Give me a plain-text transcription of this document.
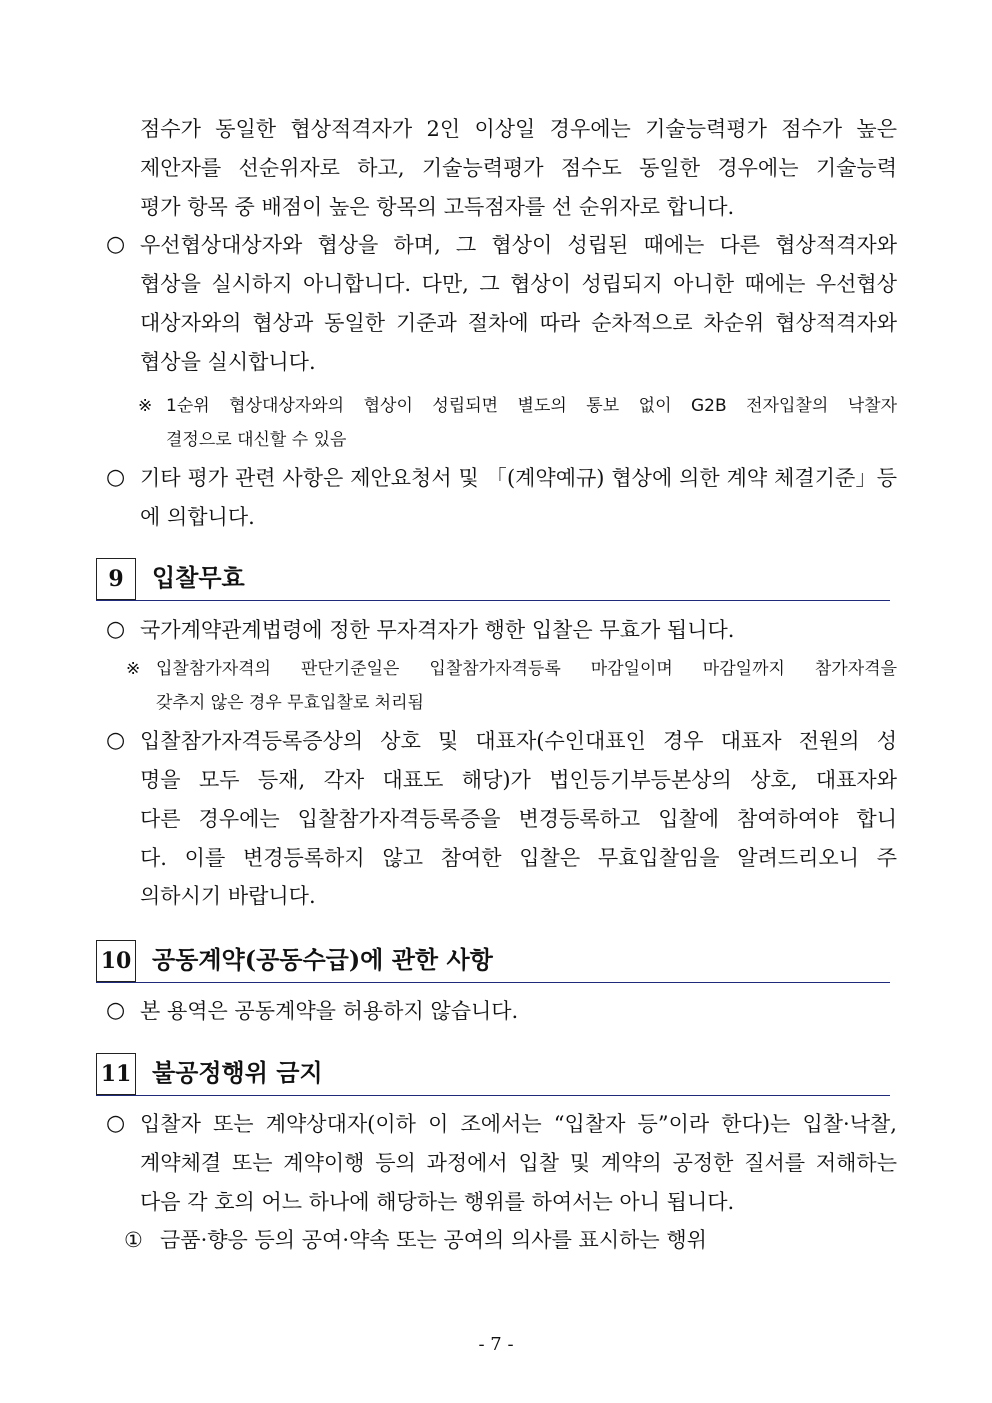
점수가 동일한 협상적격자가 2인 이상일 경우에는 기술능력평가 점수가 높은
제안자를 선순위자로 하고, 기술능력평가 점수도 동일한 경우에는 기술능력
평가 항목 중 배점이 높은 항목의 고득점자를 선 순위자로 합니다.
○ 우선협상대상자와 협상을 하며, 그 협상이 성립된 때에는 다른 협상적격자와
협상을 실시하지 아니합니다. 다만, 그 협상이 성립되지 아니한 때에는 우선협상
대상자와의 협상과 동일한 기준과 절차에 따라 순차적으로 차순위 협상적격자와
협상을 실시합니다.
※ 1순위 협상대상자와의 협상이 성립되면 별도의 통보 없이 G2B 전자입찰의 낙찰자
결정으로 대신할 수 있음
○ 기타 평가 관련 사항은 제안요청서 및 「(계약예규) 협상에 의한 계약 체결기준」등
에 의합니다.
9	입찰무효
○ 국가계약관계법령에 정한 무자격자가 행한 입찰은 무효가 됩니다.
※ 입찰참가자격의 판단기준일은 입찰참가자격등록 마감일이며 마감일까지 참가자격을
갖추지 않은 경우 무효입찰로 처리됨
○ 입찰참가자격등록증상의 상호 및 대표자(수인대표인 경우 대표자 전원의 성
명을 모두 등재, 각자 대표도 해당)가 법인등기부등본상의 상호, 대표자와
다른 경우에는 입찰참가자격등록증을 변경등록하고 입찰에 참여하여야 합니
다. 이를 변경등록하지 않고 참여한 입찰은 무효입찰임을 알려드리오니 주
의하시기 바랍니다.
10 공동계약(공동수급)에 관한 사항
○ 본 용역은 공동계약을 허용하지 않습니다.
11 불공정행위 금지
○ 입찰자 또는 계약상대자(이하 이 조에서는 “입찰자 등”이라 한다)는 입찰·낙찰,
계약체결 또는 계약이행 등의 과정에서 입찰 및 계약의 공정한 질서를 저해하는
다음 각 호의 어느 하나에 해당하는 행위를 하여서는 아니 됩니다.
① 금품·향응 등의 공여·약속 또는 공여의 의사를 표시하는 행위
- 7 -
